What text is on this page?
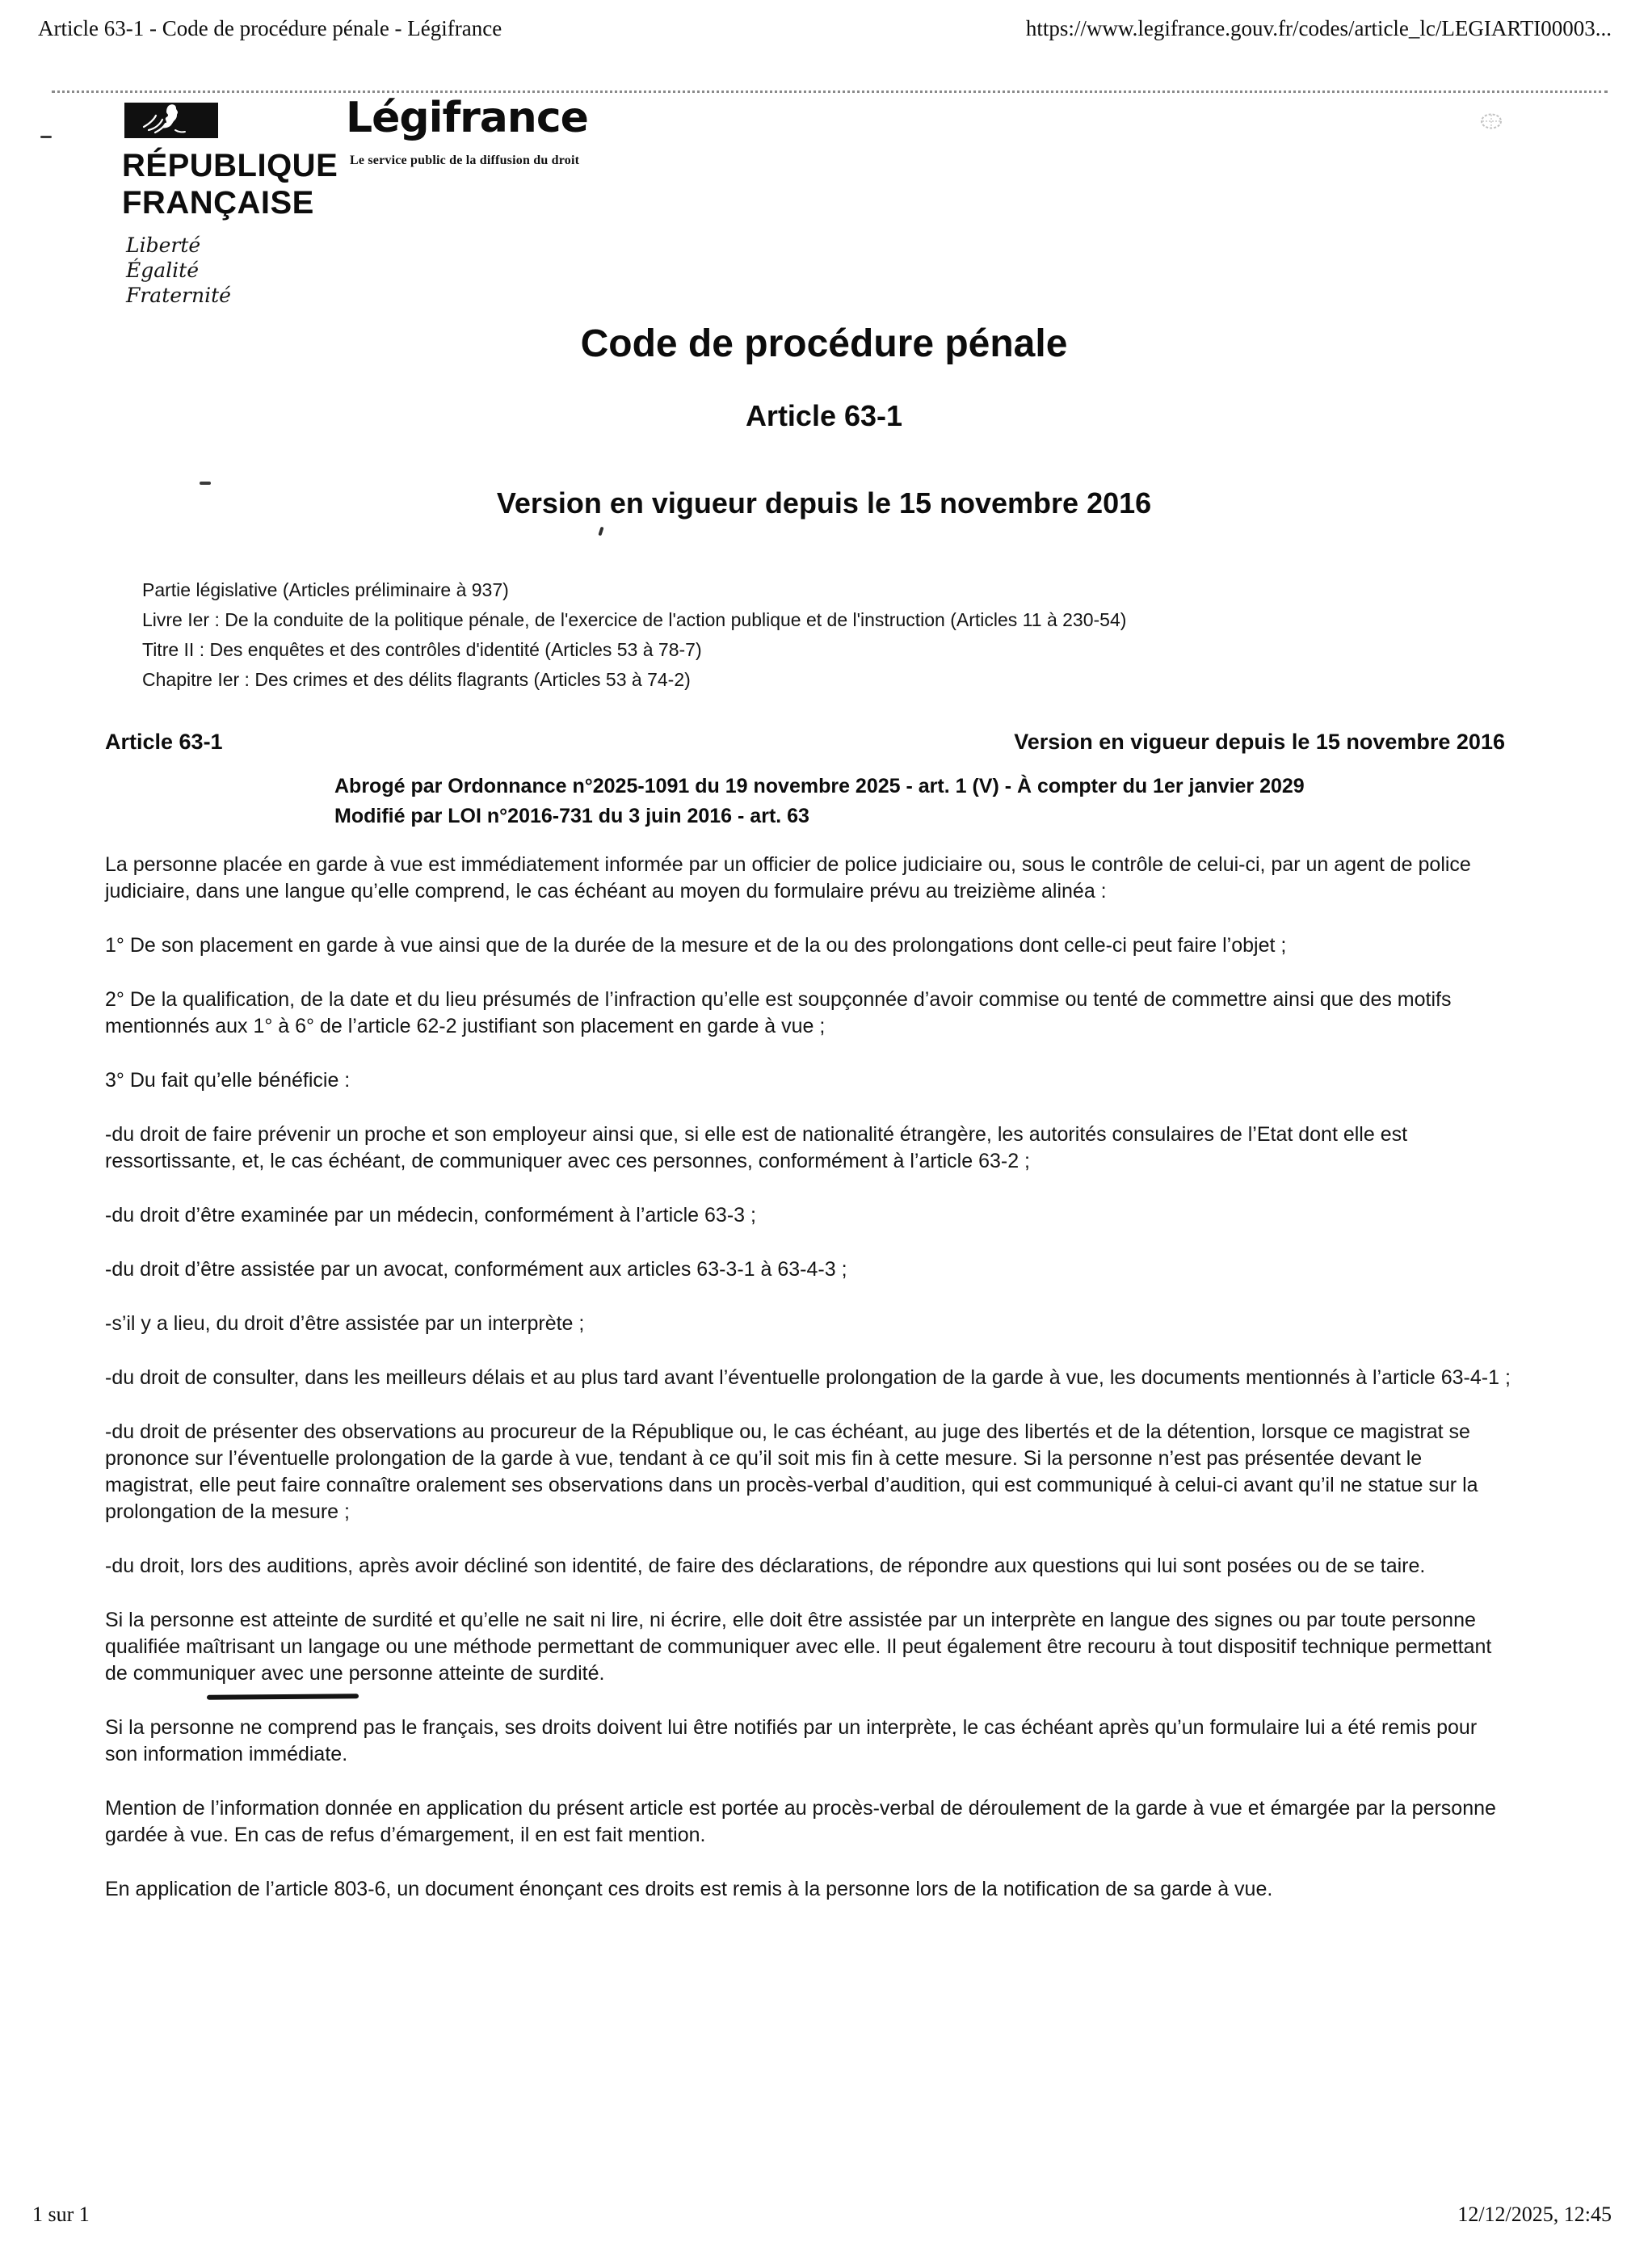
Article 63-1 - Code de procédure pénale - Légifrance	https://www.legifrance.gouv.fr/codes/article_lc/LEGIARTI00003...
RÉPUBLIQUE
FRANÇAISE
Liberté
Égalité
Fraternité
Légifrance
Le service public de la diffusion du droit
Code de procédure pénale
Article 63-1
Version en vigueur depuis le 15 novembre 2016
Partie législative (Articles préliminaire à 937)
Livre Ier : De la conduite de la politique pénale, de l'exercice de l'action publique et de l'instruction (Articles 11 à 230-54)
Titre II : Des enquêtes et des contrôles d'identité (Articles 53 à 78-7)
Chapitre Ier : Des crimes et des délits flagrants (Articles 53 à 74-2)
Article 63-1	Version en vigueur depuis le 15 novembre 2016
Abrogé par Ordonnance n°2025-1091 du 19 novembre 2025 - art. 1 (V) - À compter du 1er janvier 2029
Modifié par LOI n°2016-731 du 3 juin 2016 - art. 63

La personne placée en garde à vue est immédiatement informée par un officier de police judiciaire ou, sous le contrôle de celui-ci, par un agent de police judiciaire, dans une langue qu’elle comprend, le cas échéant au moyen du formulaire prévu au treizième alinéa :

1° De son placement en garde à vue ainsi que de la durée de la mesure et de la ou des prolongations dont celle-ci peut faire l’objet ;

2° De la qualification, de la date et du lieu présumés de l’infraction qu’elle est soupçonnée d’avoir commise ou tenté de commettre ainsi que des motifs mentionnés aux 1° à 6° de l’article 62-2 justifiant son placement en garde à vue ;

3° Du fait qu’elle bénéficie :

-du droit de faire prévenir un proche et son employeur ainsi que, si elle est de nationalité étrangère, les autorités consulaires de l’Etat dont elle est ressortissante, et, le cas échéant, de communiquer avec ces personnes, conformément à l’article 63-2 ;

-du droit d’être examinée par un médecin, conformément à l’article 63-3 ;

-du droit d’être assistée par un avocat, conformément aux articles 63-3-1 à 63-4-3 ;

-s’il y a lieu, du droit d’être assistée par un interprète ;

-du droit de consulter, dans les meilleurs délais et au plus tard avant l’éventuelle prolongation de la garde à vue, les documents mentionnés à l’article 63-4-1 ;

-du droit de présenter des observations au procureur de la République ou, le cas échéant, au juge des libertés et de la détention, lorsque ce magistrat se prononce sur l’éventuelle prolongation de la garde à vue, tendant à ce qu’il soit mis fin à cette mesure. Si la personne n’est pas présentée devant le magistrat, elle peut faire connaître oralement ses observations dans un procès-verbal d’audition, qui est communiqué à celui-ci avant qu’il ne statue sur la prolongation de la mesure ;

-du droit, lors des auditions, après avoir décliné son identité, de faire des déclarations, de répondre aux questions qui lui sont posées ou de se taire.

Si la personne est atteinte de surdité et qu’elle ne sait ni lire, ni écrire, elle doit être assistée par un interprète en langue des signes ou par toute personne qualifiée maîtrisant un langage ou une méthode permettant de communiquer avec elle. Il peut également être recouru à tout dispositif technique permettant de communiquer avec une personne atteinte de surdité.

Si la personne ne comprend pas le français, ses droits doivent lui être notifiés par un interprète, le cas échéant après qu’un formulaire lui a été remis pour son information immédiate.

Mention de l’information donnée en application du présent article est portée au procès-verbal de déroulement de la garde à vue et émargée par la personne gardée à vue. En cas de refus d’émargement, il en est fait mention.

En application de l’article 803-6, un document énonçant ces droits est remis à la personne lors de la notification de sa garde à vue.

1 sur 1	12/12/2025, 12:45
